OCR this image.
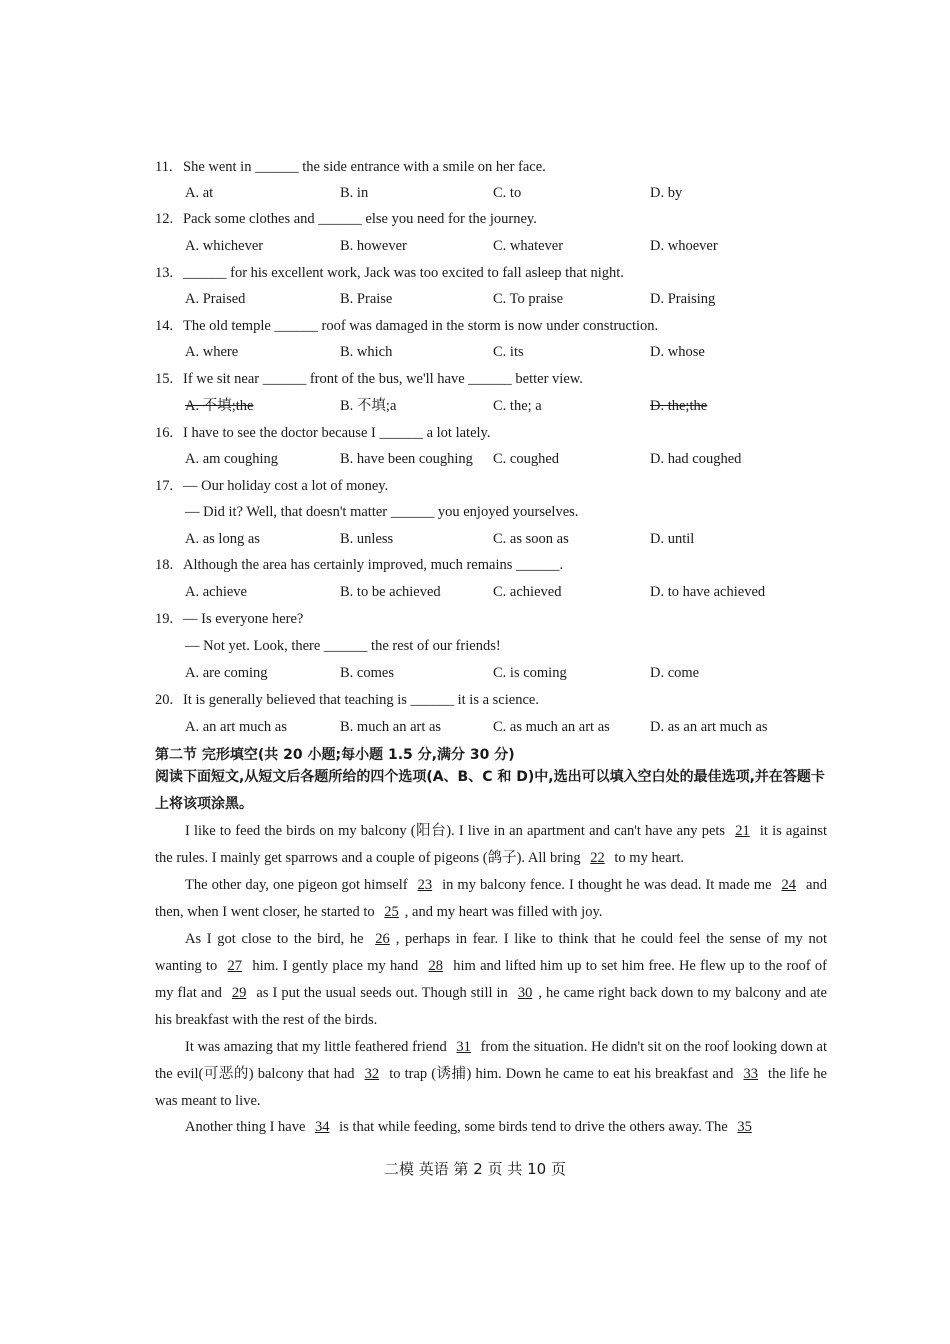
11. She went in ______ the side entrance with a smile on her face.
A. at	B. in	C. to	D. by
12. Pack some clothes and ______ else you need for the journey.
A. whichever	B. however	C. whatever	D. whoever
13. ______ for his excellent work, Jack was too excited to fall asleep that night.
A. Praised	B. Praise	C. To praise	D. Praising
14. The old temple ______ roof was damaged in the storm is now under construction.
A. where	B. which	C. its	D. whose
15. If we sit near ______ front of the bus, we'll have ______ better view.
A. 不填;the	B. 不填;a	C. the; a	D. the;the
16. I have to see the doctor because I ______ a lot lately.
A. am coughing	B. have been coughing C. coughed	D. had coughed
17. — Our holiday cost a lot of money.
— Did it? Well, that doesn't matter ______ you enjoyed yourselves.
A. as long as	B. unless	C. as soon as	D. until
18. Although the area has certainly improved, much remains ______.
A. achieve	B. to be achieved	C. achieved	D. to have achieved
19. — Is everyone here?
— Not yet. Look, there ______ the rest of our friends!
A. are coming	B. comes	C. is coming	D. come
20. It is generally believed that teaching is ______ it is a science.
A. an art much as	B. much an art as	C. as much an art as	D. as an art much as
第二节 完形填空(共 20 小题;每小题 1.5 分,满分 30 分)
阅读下面短文,从短文后各题所给的四个选项(A、B、C 和 D)中,选出可以填入空白处的最佳选项,并在答题卡上将该项涂黑。
I like to feed the birds on my balcony (阳台). I live in an apartment and can't have any pets 21 it is against the rules. I mainly get sparrows and a couple of pigeons (鸽子). All bring 22 to my heart.
The other day, one pigeon got himself 23 in my balcony fence. I thought he was dead. It made me 24 and then, when I went closer, he started to 25 , and my heart was filled with joy.
As I got close to the bird, he 26 , perhaps in fear. I like to think that he could feel the sense of my not wanting to 27 him. I gently place my hand 28 him and lifted him up to set him free. He flew up to the roof of my flat and 29 as I put the usual seeds out. Though still in 30 , he came right back down to my balcony and ate his breakfast with the rest of the birds.
It was amazing that my little feathered friend 31 from the situation. He didn't sit on the roof looking down at the evil(可恶的) balcony that had 32 to trap (诱捕) him. Down he came to eat his breakfast and 33 the life he was meant to live.
Another thing I have 34 is that while feeding, some birds tend to drive the others away. The 35
二模 英语 第 2 页 共 10 页
